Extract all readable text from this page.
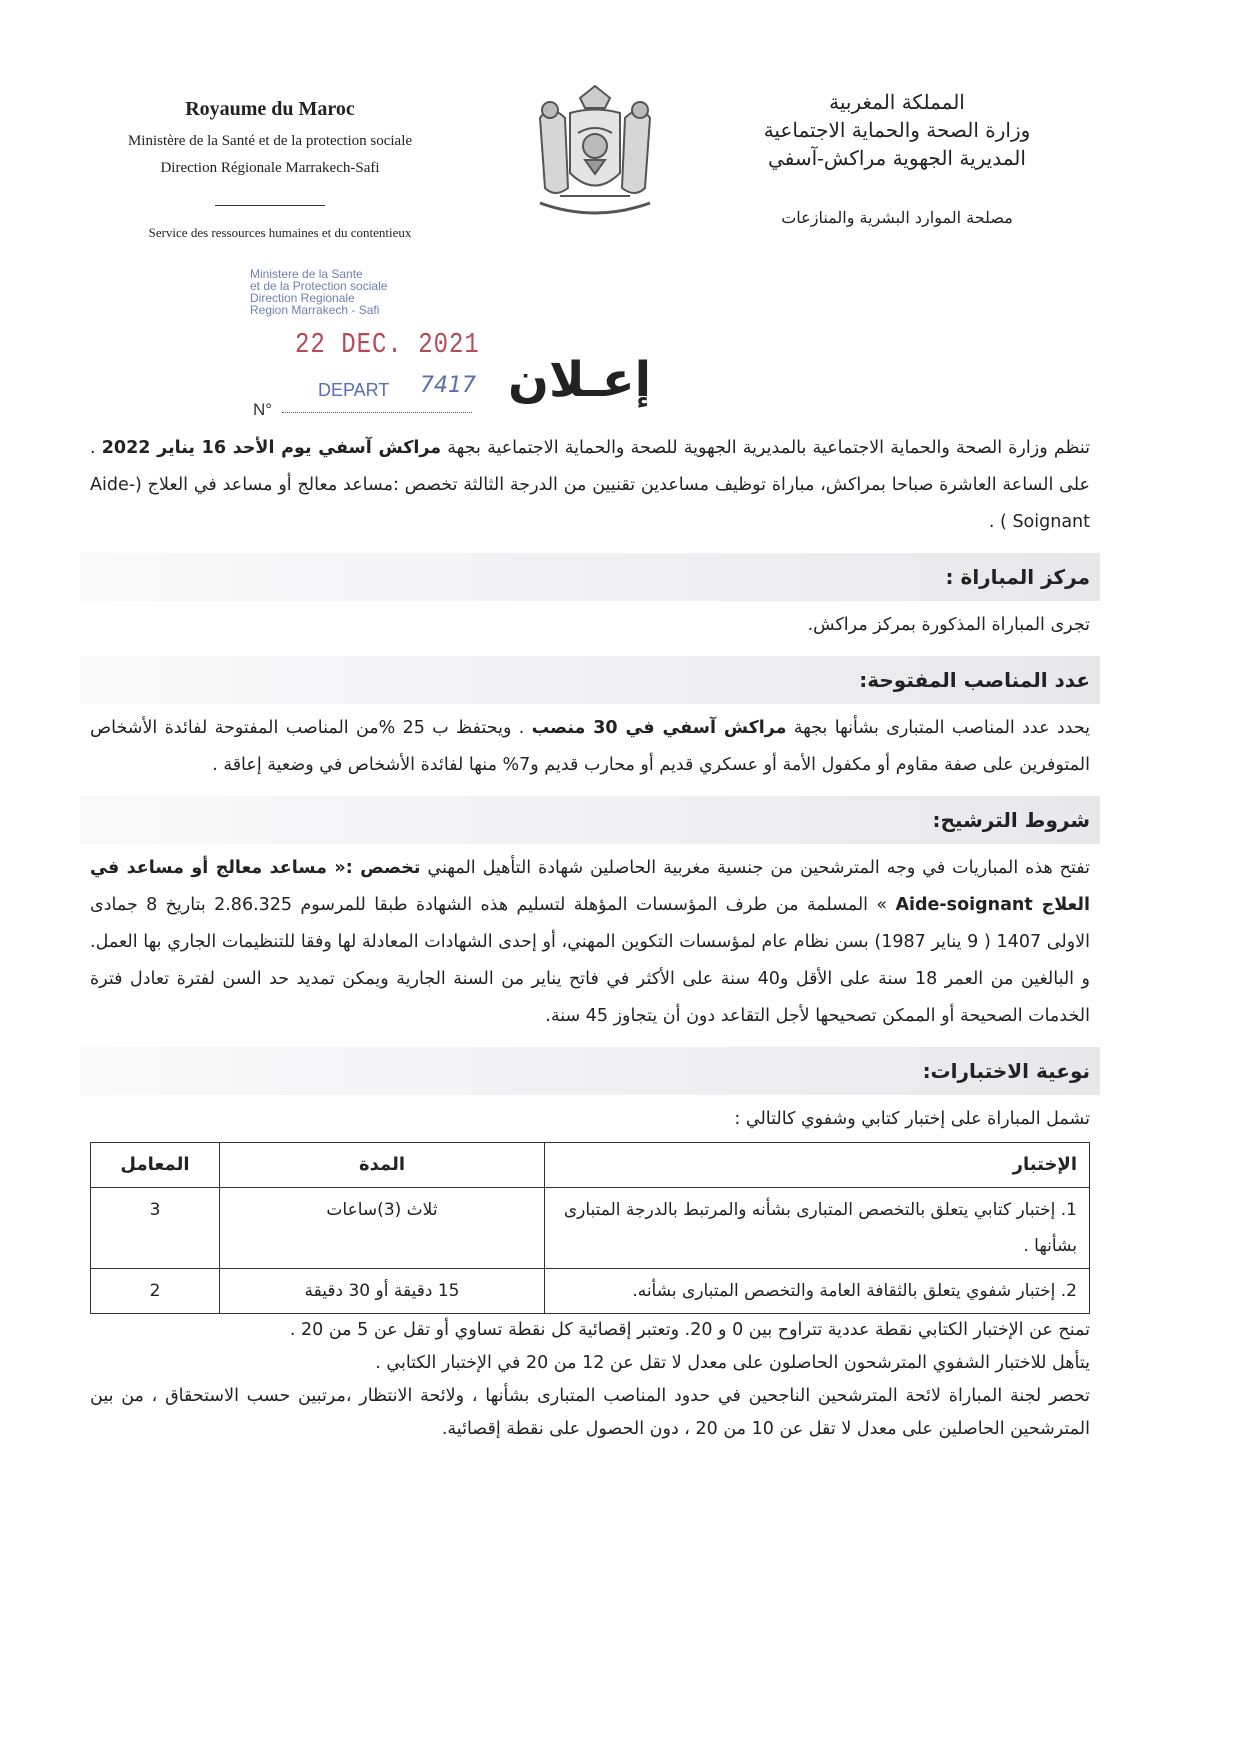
Royaume du Maroc
Ministère de la Santé et de la protection sociale
Direction Régionale Marrakech-Safi
Service des ressources humaines et du contentieux
المملكة المغربية
وزارة الصحة والحماية الاجتماعية
المديرية الجهوية مراكش-آسفي
مصلحة الموارد البشرية والمنازعات
Ministere de la Sante
et de la Protection sociale
Direction Regionale
Region Marrakech - Safi
22 DEC. 2021
DEPART 7417
N°
إعـلان

تنظم وزارة الصحة والحماية الاجتماعية بالمديرية الجهوية للصحة والحماية الاجتماعية بجهة مراكش آسفي يوم الأحد 16 يناير 2022 . على الساعة العاشرة صباحا بمراكش، مباراة توظيف مساعدين تقنيين من الدرجة الثالثة تخصص :مساعد معالج أو مساعد في العلاج (Aide-Soignant ) .

مركز المباراة :

تجرى المباراة المذكورة بمركز مراكش.

عدد المناصب المفتوحة:

يحدد عدد المناصب المتبارى بشأنها بجهة مراكش آسفي في 30 منصب . ويحتفظ ب 25 %من المناصب المفتوحة لفائدة الأشخاص المتوفرين على صفة مقاوم أو مكفول الأمة أو عسكري قديم أو محارب قديم و7% منها لفائدة الأشخاص في وضعية إعاقة .

شروط الترشيح:

تفتح هذه المباريات في وجه المترشحين من جنسية مغربية الحاصلين شهادة التأهيل المهني تخصص :« مساعد معالج أو مساعد في العلاج Aide-soignant » المسلمة من طرف المؤسسات المؤهلة لتسليم هذه الشهادة طبقا للمرسوم 2.86.325 بتاريخ 8 جمادى الاولى 1407 ( 9 يناير 1987) بسن نظام عام لمؤسسات التكوين المهني، أو إحدى الشهادات المعادلة لها وفقا للتنظيمات الجاري بها العمل. و البالغين من العمر 18 سنة على الأقل و40 سنة على الأكثر في فاتح يناير من السنة الجارية ويمكن تمديد حد السن لفترة تعادل فترة الخدمات الصحيحة أو الممكن تصحيحها لأجل التقاعد دون أن يتجاوز 45 سنة.

نوعية الاختبارات:

تشمل المباراة على إختبار كتابي وشفوي كالتالي :

الإختبار	المدة	المعامل
1. إختبار كتابي يتعلق بالتخصص المتبارى بشأنه والمرتبط بالدرجة المتبارى بشأنها .	ثلاث (3)ساعات	3
2. إختبار شفوي يتعلق بالثقافة العامة والتخصص المتبارى بشأنه.	15 دقيقة أو 30 دقيقة	2

تمنح عن الإختبار الكتابي نقطة عددية تتراوح بين 0 و 20. وتعتبر إقصائية كل نقطة تساوي أو تقل عن 5 من 20 .

يتأهل للاختبار الشفوي المترشحون الحاصلون على معدل لا تقل عن 12 من 20 في الإختبار الكتابي .

تحصر لجنة المباراة لائحة المترشحين الناجحين في حدود المناصب المتبارى بشأنها ، ولائحة الانتظار ،مرتبين حسب الاستحقاق ، من بين المترشحين الحاصلين على معدل لا تقل عن 10 من 20 ، دون الحصول على نقطة إقصائية.
